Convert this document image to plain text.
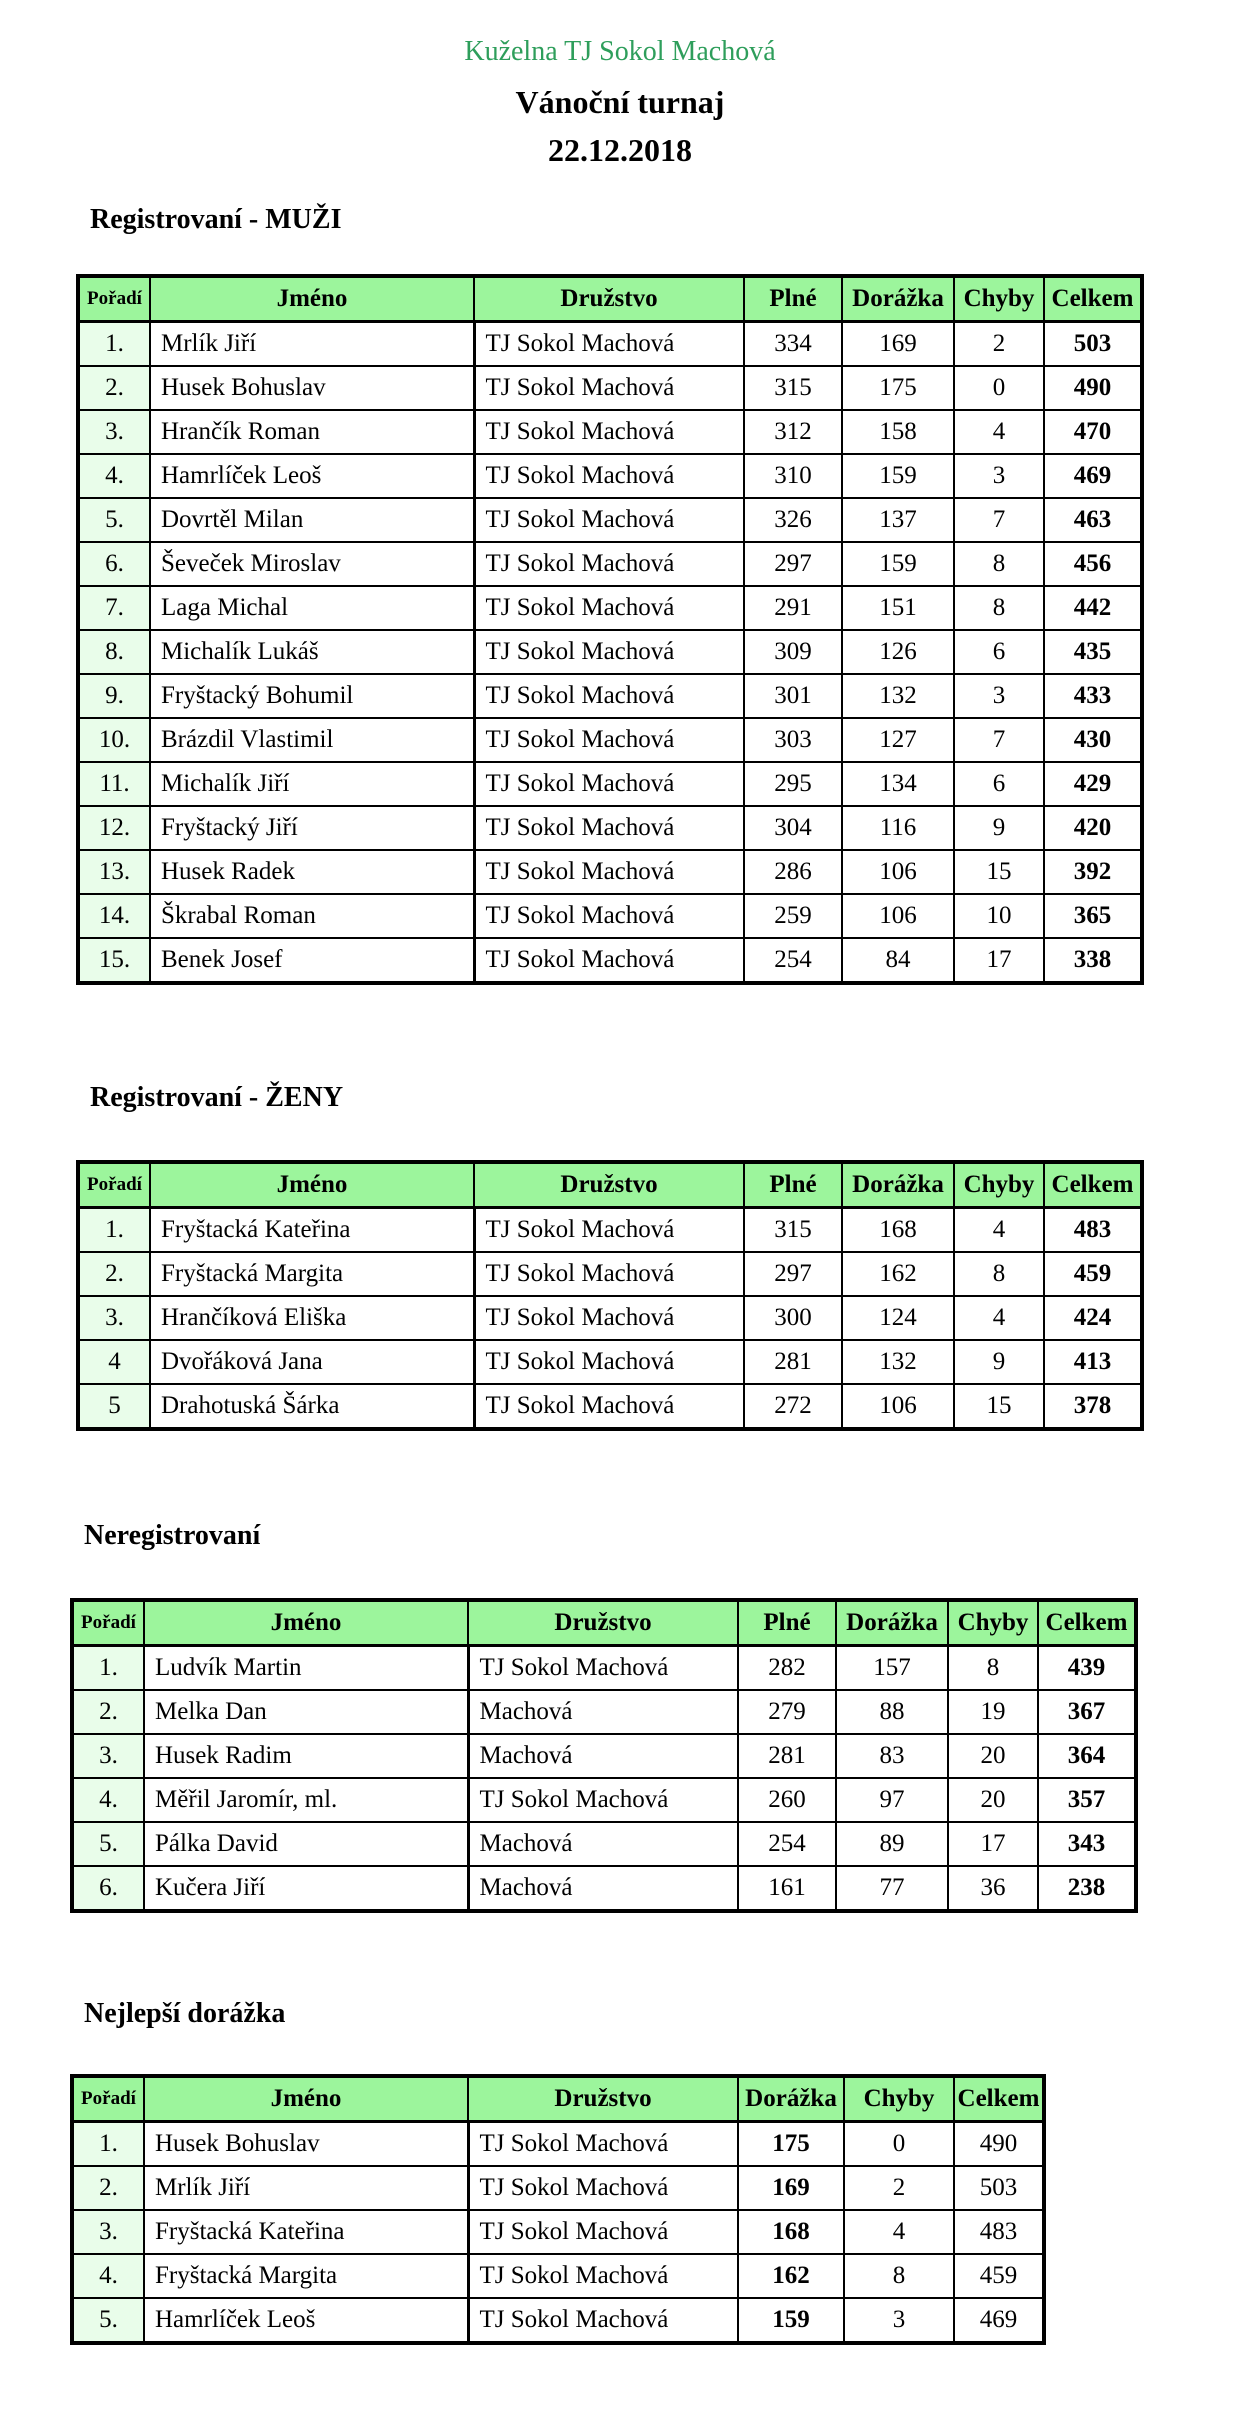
Kuželna TJ Sokol Machová
Vánoční turnaj
22.12.2018
Registrovaní - MUŽI
Pořadí	Jméno	Družstvo	Plné	Dorážka	Chyby	Celkem
1.	Mrlík Jiří	TJ Sokol Machová	334	169	2	503
2.	Husek Bohuslav	TJ Sokol Machová	315	175	0	490
3.	Hrančík Roman	TJ Sokol Machová	312	158	4	470
4.	Hamrlíček Leoš	TJ Sokol Machová	310	159	3	469
5.	Dovrtěl Milan	TJ Sokol Machová	326	137	7	463
6.	Ševeček Miroslav	TJ Sokol Machová	297	159	8	456
7.	Laga Michal	TJ Sokol Machová	291	151	8	442
8.	Michalík Lukáš	TJ Sokol Machová	309	126	6	435
9.	Fryštacký Bohumil	TJ Sokol Machová	301	132	3	433
10.	Brázdil Vlastimil	TJ Sokol Machová	303	127	7	430
11.	Michalík Jiří	TJ Sokol Machová	295	134	6	429
12.	Fryštacký Jiří	TJ Sokol Machová	304	116	9	420
13.	Husek Radek	TJ Sokol Machová	286	106	15	392
14.	Škrabal Roman	TJ Sokol Machová	259	106	10	365
15.	Benek Josef	TJ Sokol Machová	254	84	17	338
Registrovaní - ŽENY
Pořadí	Jméno	Družstvo	Plné	Dorážka	Chyby	Celkem
1.	Fryštacká Kateřina	TJ Sokol Machová	315	168	4	483
2.	Fryštacká Margita	TJ Sokol Machová	297	162	8	459
3.	Hrančíková Eliška	TJ Sokol Machová	300	124	4	424
4	Dvořáková Jana	TJ Sokol Machová	281	132	9	413
5	Drahotuská Šárka	TJ Sokol Machová	272	106	15	378
Neregistrovaní
Pořadí	Jméno	Družstvo	Plné	Dorážka	Chyby	Celkem
1.	Ludvík Martin	TJ Sokol Machová	282	157	8	439
2.	Melka Dan	Machová	279	88	19	367
3.	Husek Radim	Machová	281	83	20	364
4.	Měřil Jaromír, ml.	TJ Sokol Machová	260	97	20	357
5.	Pálka David	Machová	254	89	17	343
6.	Kučera Jiří	Machová	161	77	36	238
Nejlepší dorážka
Pořadí	Jméno	Družstvo	Dorážka	Chyby	Celkem
1.	Husek Bohuslav	TJ Sokol Machová	175	0	490
2.	Mrlík Jiří	TJ Sokol Machová	169	2	503
3.	Fryštacká Kateřina	TJ Sokol Machová	168	4	483
4.	Fryštacká Margita	TJ Sokol Machová	162	8	459
5.	Hamrlíček Leoš	TJ Sokol Machová	159	3	469
